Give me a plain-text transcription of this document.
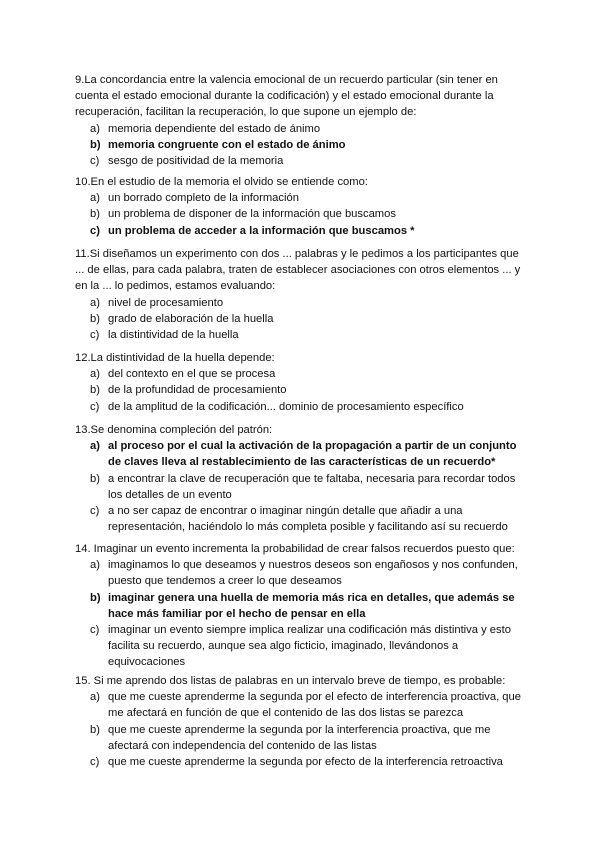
9.La concordancia entre la valencia emocional de un recuerdo particular (sin tener en cuenta el estado emocional durante la codificación) y el estado emocional durante la recuperación, facilitan la recuperación, lo que supone un ejemplo de:

a) memoria dependiente del estado de ánimo
b) memoria congruente con el estado de ánimo
c) sesgo de positividad de la memoria

10.En el estudio de la memoria el olvido se entiende como:

a) un borrado completo de la información
b) un problema de disponer de la información que buscamos
c) un problema de acceder a la información que buscamos *

11.Si diseñamos un experimento con dos ... palabras y le pedimos a los participantes que ... de ellas, para cada palabra, traten de establecer asociaciones con otros elementos ... y en la ... lo pedimos, estamos evaluando:

a) nivel de procesamiento
b) grado de elaboración de la huella
c) la distintividad de la huella

12.La distintividad de la huella depende:

a) del contexto en el que se procesa
b) de la profundidad de procesamiento
c) de la amplitud de la codificación... dominio de procesamiento específico

13.Se denomina compleción del patrón:

a) al proceso por el cual la activación de la propagación a partir de un conjunto de claves lleva al restablecimiento de las características de un recuerdo*
b) a encontrar la clave de recuperación que te faltaba, necesaria para recordar todos los detalles de un evento
c) a no ser capaz de encontrar o imaginar ningún detalle que añadir a una representación, haciéndolo lo más completa posible y facilitando así su recuerdo

14. Imaginar un evento incrementa la probabilidad de crear falsos recuerdos puesto que:

a) imaginamos lo que deseamos y nuestros deseos son engañosos y nos confunden, puesto que tendemos a creer lo que deseamos
b) imaginar genera una huella de memoria más rica en detalles, que además se hace más familiar por el hecho de pensar en ella
c) imaginar un evento siempre implica realizar una codificación más distintiva y esto facilita su recuerdo, aunque sea algo ficticio, imaginado, llevándonos a equivocaciones

15. Si me aprendo dos listas de palabras en un intervalo breve de tiempo, es probable:

a) que me cueste aprenderme la segunda por el efecto de interferencia proactiva, que me afectará en función de que el contenido de las dos listas se parezca
b) que me cueste aprenderme la segunda por la interferencia proactiva, que me afectará con independencia del contenido de las listas
c) que me cueste aprenderme la segunda por efecto de la interferencia retroactiva
